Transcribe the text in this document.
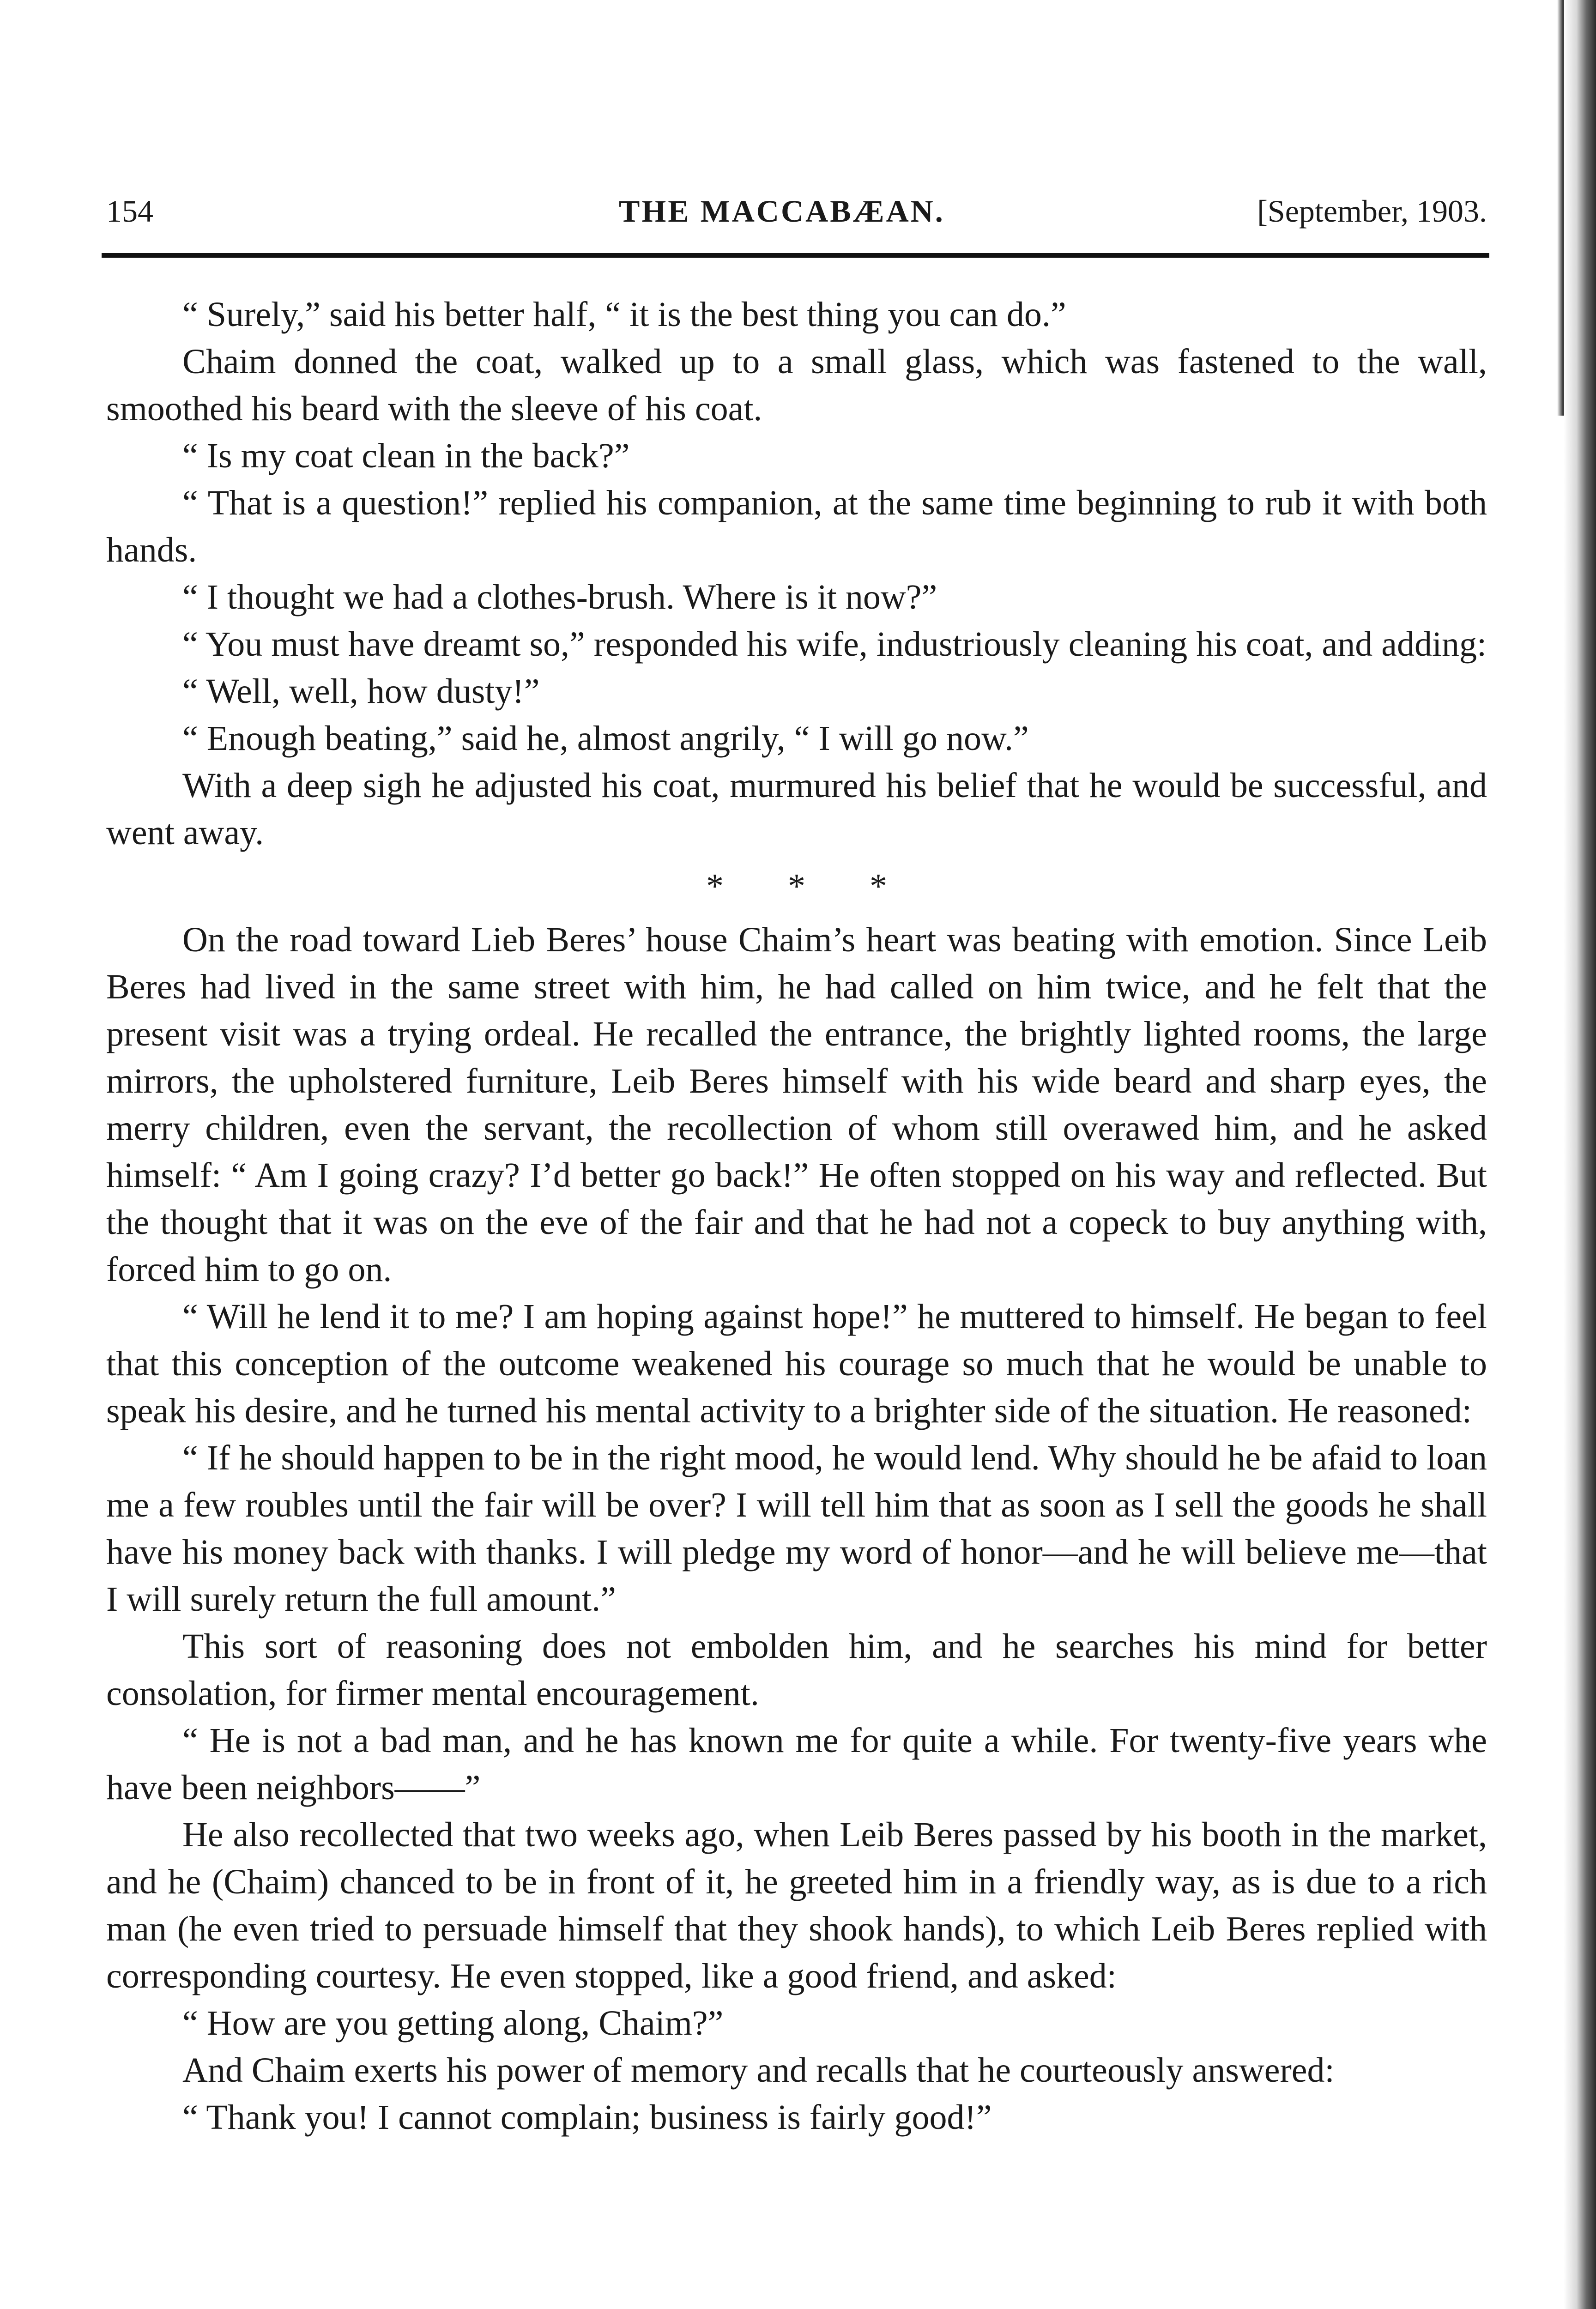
154	THE MACCABÆAN.	[September, 1903.

“ Surely,” said his better half, “ it is the best thing you can do.”

Chaim donned the coat, walked up to a small glass, which was fastened to the wall, smoothed his beard with the sleeve of his coat.

“ Is my coat clean in the back?”

“ That is a question!” replied his companion, at the same time beginning to rub it with both hands.

“ I thought we had a clothes-brush. Where is it now?”

“ You must have dreamt so,” responded his wife, industriously cleaning his coat, and adding:

“ Well, well, how dusty!”

“ Enough beating,” said he, almost angrily, “ I will go now.”

With a deep sigh he adjusted his coat, murmured his belief that he would be successful, and went away.

* * *

On the road toward Lieb Beres’ house Chaim’s heart was beating with emotion. Since Leib Beres had lived in the same street with him, he had called on him twice, and he felt that the present visit was a trying ordeal. He recalled the entrance, the brightly lighted rooms, the large mirrors, the upholstered furniture, Leib Beres himself with his wide beard and sharp eyes, the merry children, even the servant, the recollection of whom still overawed him, and he asked himself: “ Am I going crazy? I’d better go back!” He often stopped on his way and reflected. But the thought that it was on the eve of the fair and that he had not a copeck to buy anything with, forced him to go on.

“ Will he lend it to me? I am hoping against hope!” he muttered to himself. He began to feel that this conception of the outcome weakened his courage so much that he would be unable to speak his desire, and he turned his mental activity to a brighter side of the situation. He reasoned:

“ If he should happen to be in the right mood, he would lend. Why should he be afaid to loan me a few roubles until the fair will be over? I will tell him that as soon as I sell the goods he shall have his money back with thanks. I will pledge my word of honor—and he will believe me—that I will surely return the full amount.”

This sort of reasoning does not embolden him, and he searches his mind for better consolation, for firmer mental encouragement.

“ He is not a bad man, and he has known me for quite a while. For twenty-five years whe have been neighbors——”

He also recollected that two weeks ago, when Leib Beres passed by his booth in the market, and he (Chaim) chanced to be in front of it, he greeted him in a friendly way, as is due to a rich man (he even tried to persuade himself that they shook hands), to which Leib Beres replied with corresponding courtesy. He even stopped, like a good friend, and asked:

“ How are you getting along, Chaim?”

And Chaim exerts his power of memory and recalls that he courteously answered:

“ Thank you! I cannot complain; business is fairly good!”
